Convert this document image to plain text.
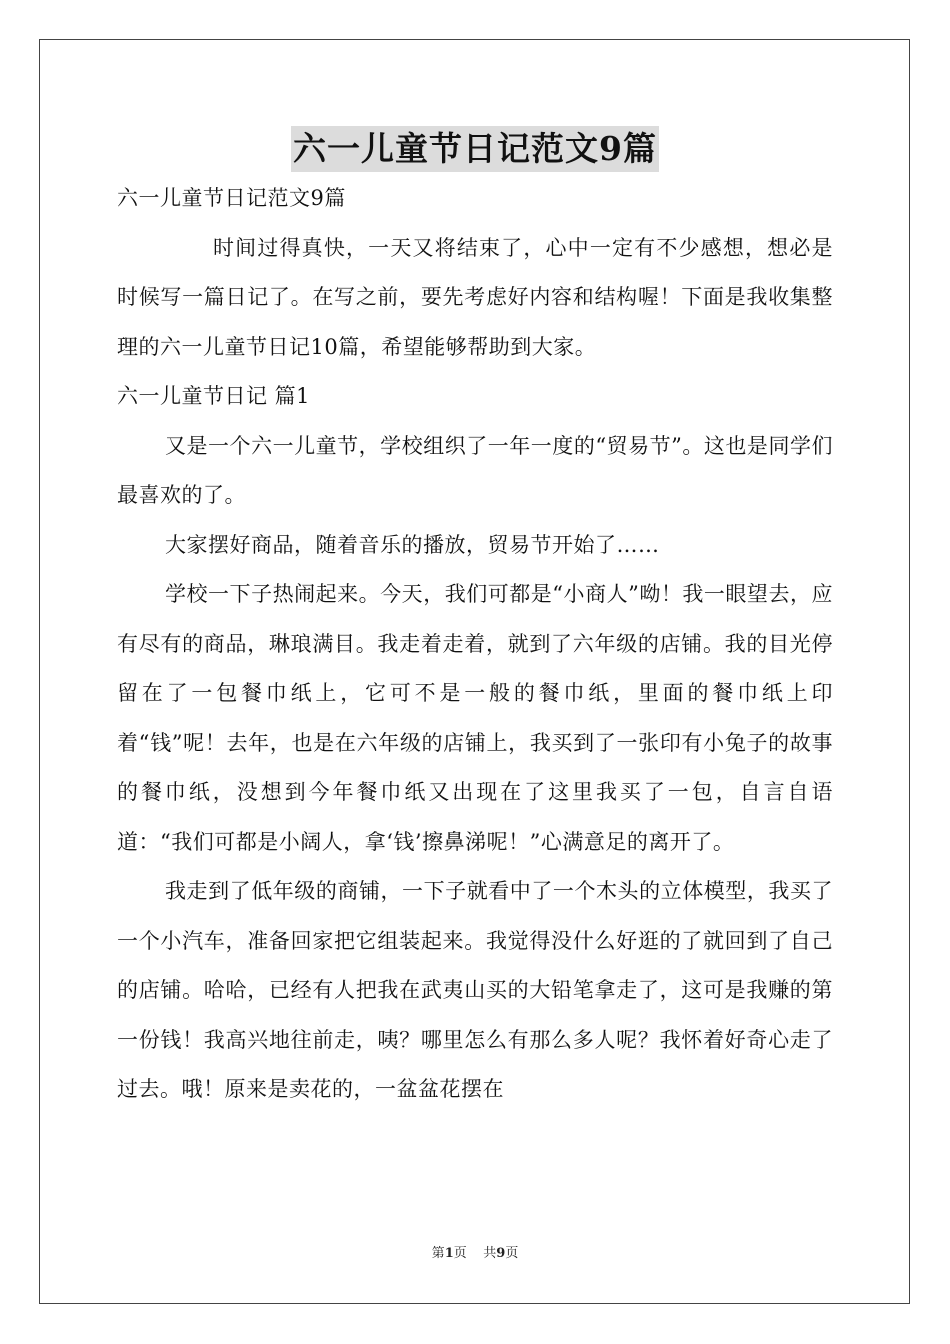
六一儿童节日记范文9篇

六一儿童节日记范文9篇

时间过得真快，一天又将结束了，心中一定有不少感想，想必是时候写一篇日记了。在写之前，要先考虑好内容和结构喔！下面是我收集整理的六一儿童节日记10篇，希望能够帮助到大家。

六一儿童节日记 篇1

又是一个六一儿童节，学校组织了一年一度的“贸易节”。这也是同学们最喜欢的了。

大家摆好商品，随着音乐的播放，贸易节开始了……

学校一下子热闹起来。今天，我们可都是“小商人”呦！我一眼望去，应有尽有的商品，琳琅满目。我走着走着，就到了六年级的店铺。我的目光停留在了一包餐巾纸上，它可不是一般的餐巾纸，里面的餐巾纸上印着“钱”呢！去年，也是在六年级的店铺上，我买到了一张印有小兔子的故事的餐巾纸，没想到今年餐巾纸又出现在了这里我买了一包，自言自语道：“我们可都是小阔人，拿‘钱’擦鼻涕呢！”心满意足的离开了。

我走到了低年级的商铺，一下子就看中了一个木头的立体模型，我买了一个小汽车，准备回家把它组装起来。我觉得没什么好逛的了就回到了自己的店铺。哈哈，已经有人把我在武夷山买的大铅笔拿走了，这可是我赚的第一份钱！我高兴地往前走，咦？哪里怎么有那么多人呢？我怀着好奇心走了过去。哦！原来是卖花的，一盆盆花摆在

第1页    共9页
